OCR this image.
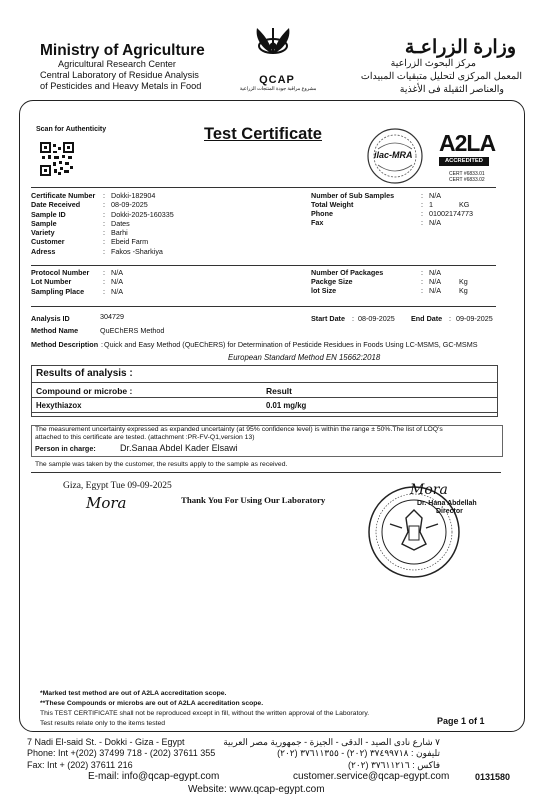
Ministry of Agriculture
Agricultural Research Center
Central Laboratory of Residue Analysis
of Pesticides and Heavy Metals in Food	QCAP
مشروع مراقبة جودة المنتجات الزراعية
وزارة الزراعـة
مركز البحوث الزراعية
المعمل المركزى لتحليل متبقيات المبيدات
والعناصر الثقيلة فى الأغذية
Scan for Authenticity	Test Certificate
ilac-MRA A2LA
ACCREDITED
CERT #6833.01
CERT #6833.02
Certificate Number	: Dokki-182904
Date Received	: 08-09-2025
Sample ID	: Dokki-2025-160335
Sample	: Dates
Variety	: Barhi
Customer	: Ebeid Farm
Adress	: Fakos -Sharkiya
Number of Sub Samples	: N/A
Total Weight	: 1	KG
Phone	: 01002174773
Fax	: N/A
Protocol Number	: N/A
Lot Number	: N/A
Sampling Place	: N/A
Number Of Packages	: N/A
Packge Size	: N/A	Kg
lot Size	: N/A	Kg
Analysis ID	304729
Method Name	QuEChERS Method
Start Date : 08-09-2025 End Date : 09-09-2025
Method Description : Quick and Easy Method (QuEChERS) for Determination of Pesticide Residues in Foods Using LC-MSMS, GC-MSMS
European Standard Method EN 15662:2018
Results of analysis :
Compound or microbe :	Result
Hexythiazox	0.01 mg/kg
The measurement uncertainty expressed as expanded uncertainty (at 95% confidence level) is within the range ± 50%.The list of LOQ's
attached to this certificate are tested. (attachment :PR-FV-Q1,version 13)
Person in charge:	Dr.Sanaa Abdel Kader Elsawi
The sample was taken by the customer, the results apply to the sample as received.
Giza, Egypt Tue 09-09-2025
Mora	Thank You For Using Our Laboratory
Mora
Dr. Hana Abdellah
Director
*Marked test method are out of A2LA accreditation scope.
**These Compounds or microbs are out of A2LA accreditation scope.
This TEST CERTIFICATE shall not be reproduced except in fill, without the written approval of the Laboratory.
Test results relate only to the items tested	Page 1 of 1
7 Nadi El-said St. - Dokki - Giza - Egypt
Phone: Int +(202) 37499 718 - (202) 37611 355
Fax: Int + (202) 37611 216
E-mail: info@qcap-egypt.com
Website: www.qcap-egypt.com
٧ شارع نادى الصيد - الدقى - الجيزة - جمهورية مصر العربية
تليفون : ٣٧٤٩٩٧١٨ (٢٠٢) - ٣٧٦١١٣٥٥ (٢٠٢)
فاكس : ٣٧٦١١٢١٦ (٢٠٢)
customer.service@qcap-egypt.com	0131580
